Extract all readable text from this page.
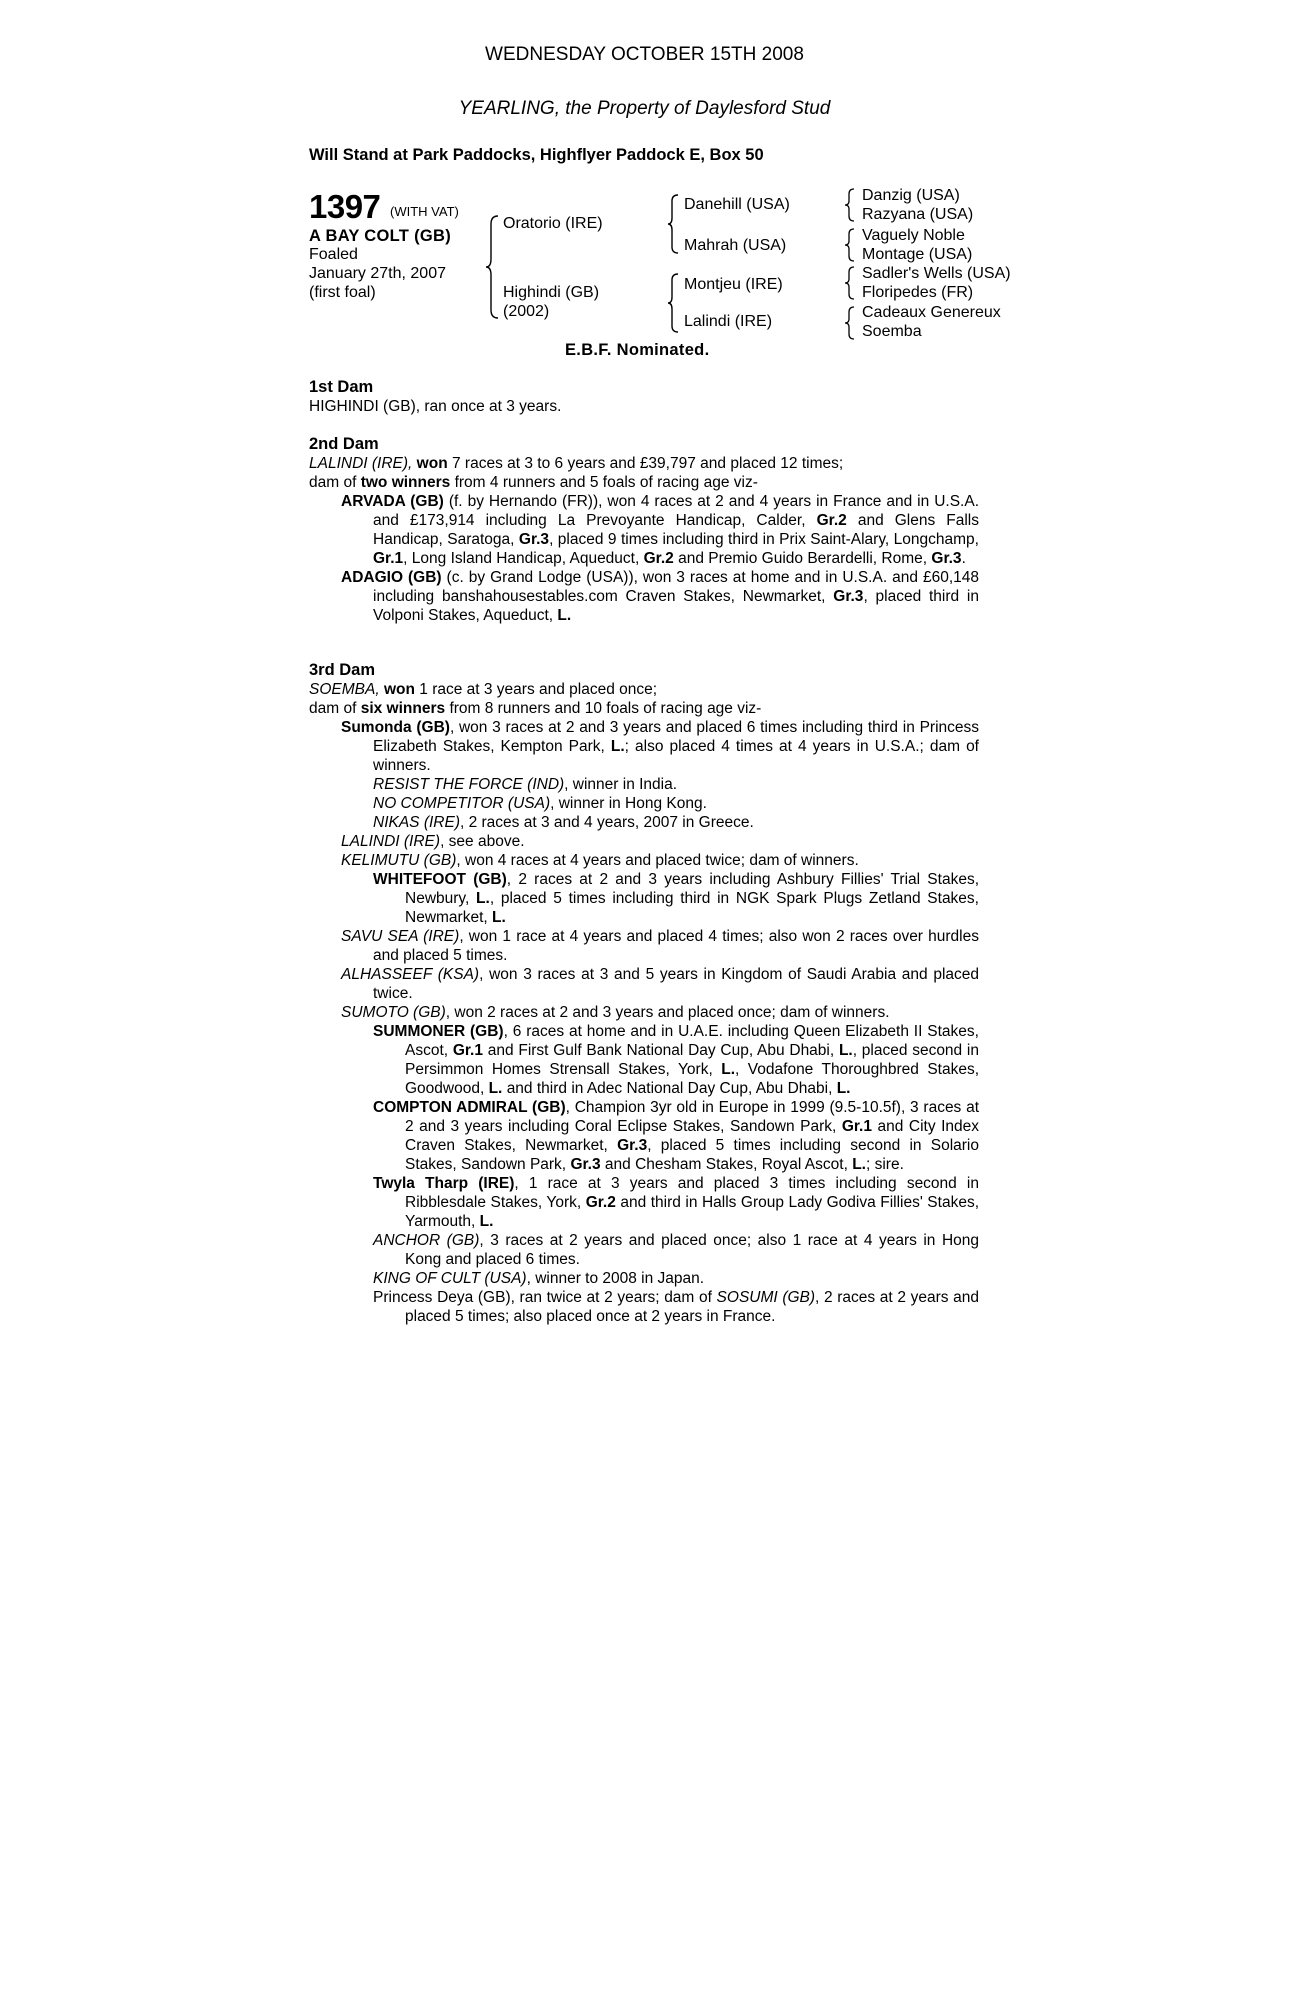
WEDNESDAY OCTOBER 15TH 2008
YEARLING, the Property of Daylesford Stud
Will Stand at Park Paddocks, Highflyer Paddock E, Box 50
1397 (WITH VAT)
A BAY COLT (GB)
Foaled
January 27th, 2007
(first foal)
Oratorio (IRE)
Highindi (GB)
(2002)
Danehill (USA)
Mahrah (USA)
Montjeu (IRE)
Lalindi (IRE)
Danzig (USA)
Razyana (USA)
Vaguely Noble
Montage (USA)
Sadler's Wells (USA)
Floripedes (FR)
Cadeaux Genereux
Soemba
E.B.F. Nominated.
1st Dam
HIGHINDI (GB), ran once at 3 years.
2nd Dam
LALINDI (IRE), won 7 races at 3 to 6 years and £39,797 and placed 12 times;
dam of two winners from 4 runners and 5 foals of racing age viz-
ARVADA (GB) (f. by Hernando (FR)), won 4 races at 2 and 4 years in France and in U.S.A. and £173,914 including La Prevoyante Handicap, Calder, Gr.2 and Glens Falls Handicap, Saratoga, Gr.3, placed 9 times including third in Prix Saint-Alary, Longchamp, Gr.1, Long Island Handicap, Aqueduct, Gr.2 and Premio Guido Berardelli, Rome, Gr.3.
ADAGIO (GB) (c. by Grand Lodge (USA)), won 3 races at home and in U.S.A. and £60,148 including banshahousestables.com Craven Stakes, Newmarket, Gr.3, placed third in Volponi Stakes, Aqueduct, L.
3rd Dam
SOEMBA, won 1 race at 3 years and placed once;
dam of six winners from 8 runners and 10 foals of racing age viz-
Sumonda (GB), won 3 races at 2 and 3 years and placed 6 times including third in Princess Elizabeth Stakes, Kempton Park, L.; also placed 4 times at 4 years in U.S.A.; dam of winners.
RESIST THE FORCE (IND), winner in India.
NO COMPETITOR (USA), winner in Hong Kong.
NIKAS (IRE), 2 races at 3 and 4 years, 2007 in Greece.
LALINDI (IRE), see above.
KELIMUTU (GB), won 4 races at 4 years and placed twice; dam of winners.
WHITEFOOT (GB), 2 races at 2 and 3 years including Ashbury Fillies' Trial Stakes, Newbury, L., placed 5 times including third in NGK Spark Plugs Zetland Stakes, Newmarket, L.
SAVU SEA (IRE), won 1 race at 4 years and placed 4 times; also won 2 races over hurdles and placed 5 times.
ALHASSEEF (KSA), won 3 races at 3 and 5 years in Kingdom of Saudi Arabia and placed twice.
SUMOTO (GB), won 2 races at 2 and 3 years and placed once; dam of winners.
SUMMONER (GB), 6 races at home and in U.A.E. including Queen Elizabeth II Stakes, Ascot, Gr.1 and First Gulf Bank National Day Cup, Abu Dhabi, L., placed second in Persimmon Homes Strensall Stakes, York, L., Vodafone Thoroughbred Stakes, Goodwood, L. and third in Adec National Day Cup, Abu Dhabi, L.
COMPTON ADMIRAL (GB), Champion 3yr old in Europe in 1999 (9.5-10.5f), 3 races at 2 and 3 years including Coral Eclipse Stakes, Sandown Park, Gr.1 and City Index Craven Stakes, Newmarket, Gr.3, placed 5 times including second in Solario Stakes, Sandown Park, Gr.3 and Chesham Stakes, Royal Ascot, L.; sire.
Twyla Tharp (IRE), 1 race at 3 years and placed 3 times including second in Ribblesdale Stakes, York, Gr.2 and third in Halls Group Lady Godiva Fillies' Stakes, Yarmouth, L.
ANCHOR (GB), 3 races at 2 years and placed once; also 1 race at 4 years in Hong Kong and placed 6 times.
KING OF CULT (USA), winner to 2008 in Japan.
Princess Deya (GB), ran twice at 2 years; dam of SOSUMI (GB), 2 races at 2 years and placed 5 times; also placed once at 2 years in France.
